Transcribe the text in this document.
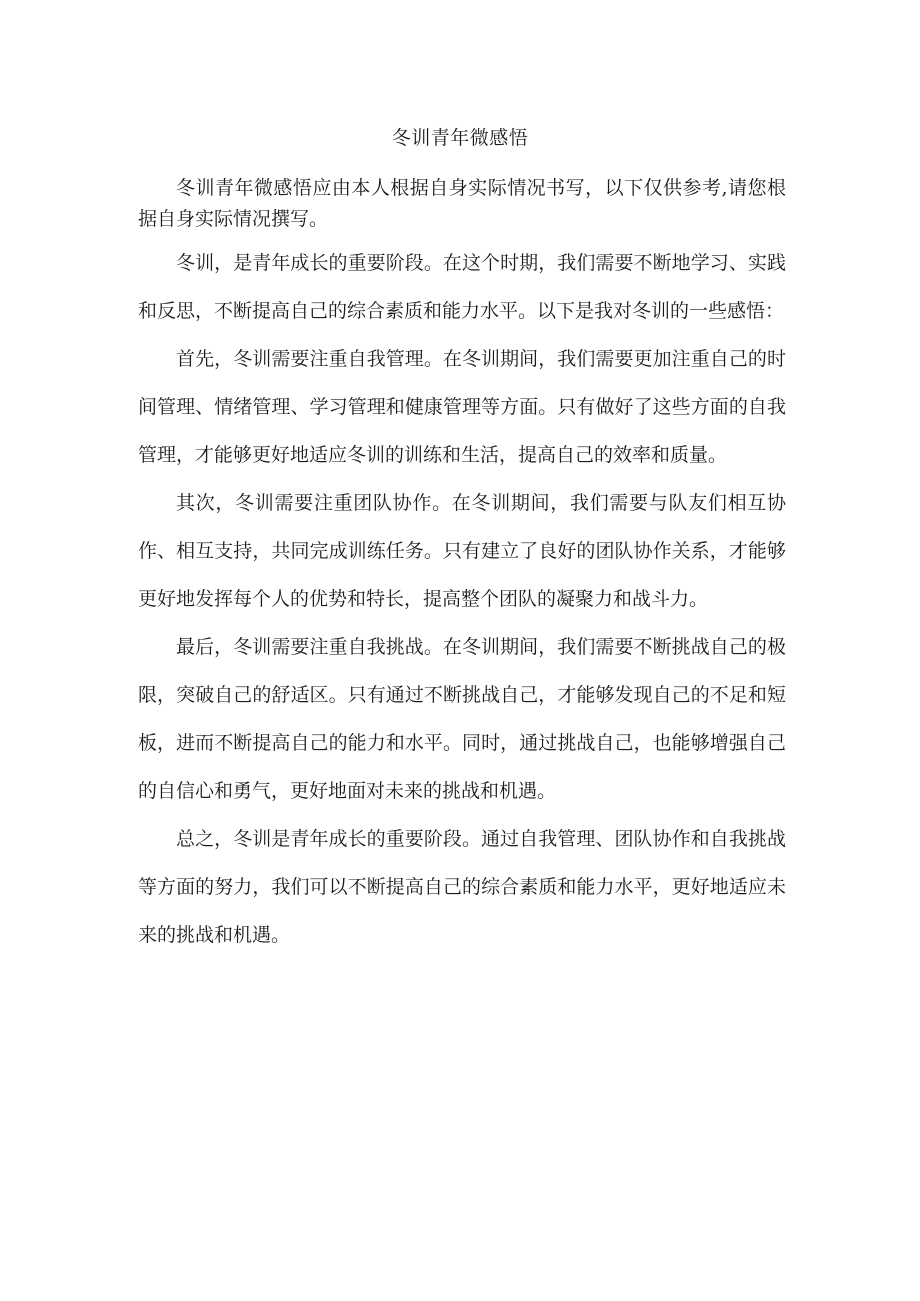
冬训青年微感悟

冬训青年微感悟应由本人根据自身实际情况书写，以下仅供参考,请您根据自身实际情况撰写。

冬训，是青年成长的重要阶段。在这个时期，我们需要不断地学习、实践和反思，不断提高自己的综合素质和能力水平。以下是我对冬训的一些感悟：

首先，冬训需要注重自我管理。在冬训期间，我们需要更加注重自己的时间管理、情绪管理、学习管理和健康管理等方面。只有做好了这些方面的自我管理，才能够更好地适应冬训的训练和生活，提高自己的效率和质量。

其次，冬训需要注重团队协作。在冬训期间，我们需要与队友们相互协作、相互支持，共同完成训练任务。只有建立了良好的团队协作关系，才能够更好地发挥每个人的优势和特长，提高整个团队的凝聚力和战斗力。

最后，冬训需要注重自我挑战。在冬训期间，我们需要不断挑战自己的极限，突破自己的舒适区。只有通过不断挑战自己，才能够发现自己的不足和短板，进而不断提高自己的能力和水平。同时，通过挑战自己，也能够增强自己的自信心和勇气，更好地面对未来的挑战和机遇。

总之，冬训是青年成长的重要阶段。通过自我管理、团队协作和自我挑战等方面的努力，我们可以不断提高自己的综合素质和能力水平，更好地适应未来的挑战和机遇。
